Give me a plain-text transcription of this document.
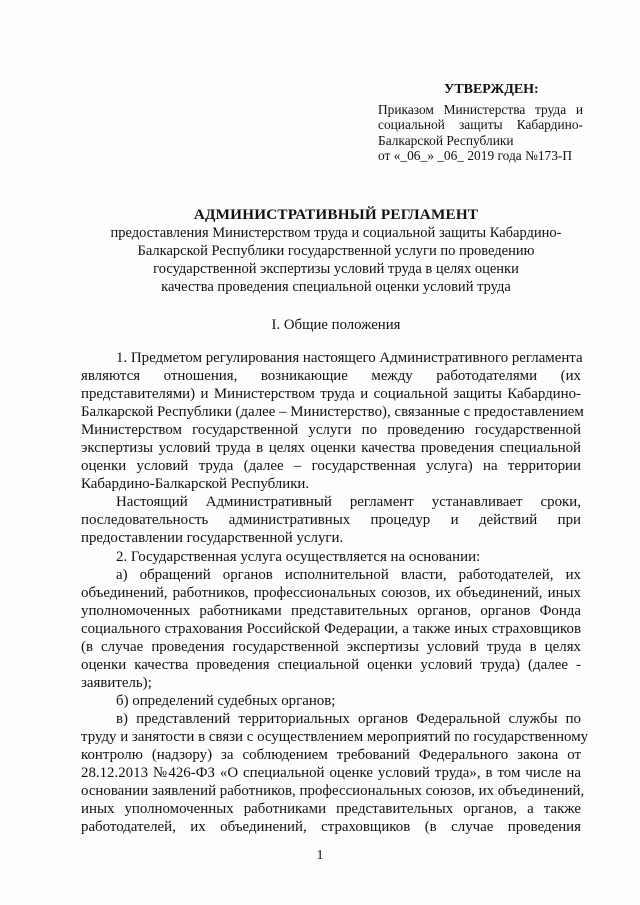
УТВЕРЖДЕН:
Приказом Министерства труда и
социальной защиты Кабардино-
Балкарской Республики
от «_06_» _06_ 2019 года №173-П
АДМИНИСТРАТИВНЫЙ РЕГЛАМЕНТ
предоставления Министерством труда и социальной защиты Кабардино-
Балкарской Республики государственной услуги по проведению
государственной экспертизы условий труда в целях оценки
качества проведения специальной оценки условий труда
I. Общие положения
1. Предметом регулирования настоящего Административного регламента
являются отношения, возникающие между работодателями (их
представителями) и Министерством труда и социальной защиты Кабардино-
Балкарской Республики (далее – Министерство), связанные с предоставлением
Министерством государственной услуги по проведению государственной
экспертизы условий труда в целях оценки качества проведения специальной
оценки условий труда (далее – государственная услуга) на территории
Кабардино-Балкарской Республики.
Настоящий Административный регламент устанавливает сроки,
последовательность административных процедур и действий при
предоставлении государственной услуги.
2. Государственная услуга осуществляется на основании:
а) обращений органов исполнительной власти, работодателей, их
объединений, работников, профессиональных союзов, их объединений, иных
уполномоченных работниками представительных органов, органов Фонда
социального страхования Российской Федерации, а также иных страховщиков
(в случае проведения государственной экспертизы условий труда в целях
оценки качества проведения специальной оценки условий труда) (далее -
заявитель);
б) определений судебных органов;
в) представлений территориальных органов Федеральной службы по
труду и занятости в связи с осуществлением мероприятий по государственному
контролю (надзору) за соблюдением требований Федерального закона от
28.12.2013 №426-ФЗ «О специальной оценке условий труда», в том числе на
основании заявлений работников, профессиональных союзов, их объединений,
иных уполномоченных работниками представительных органов, а также
работодателей, их объединений, страховщиков (в случае проведения
1
